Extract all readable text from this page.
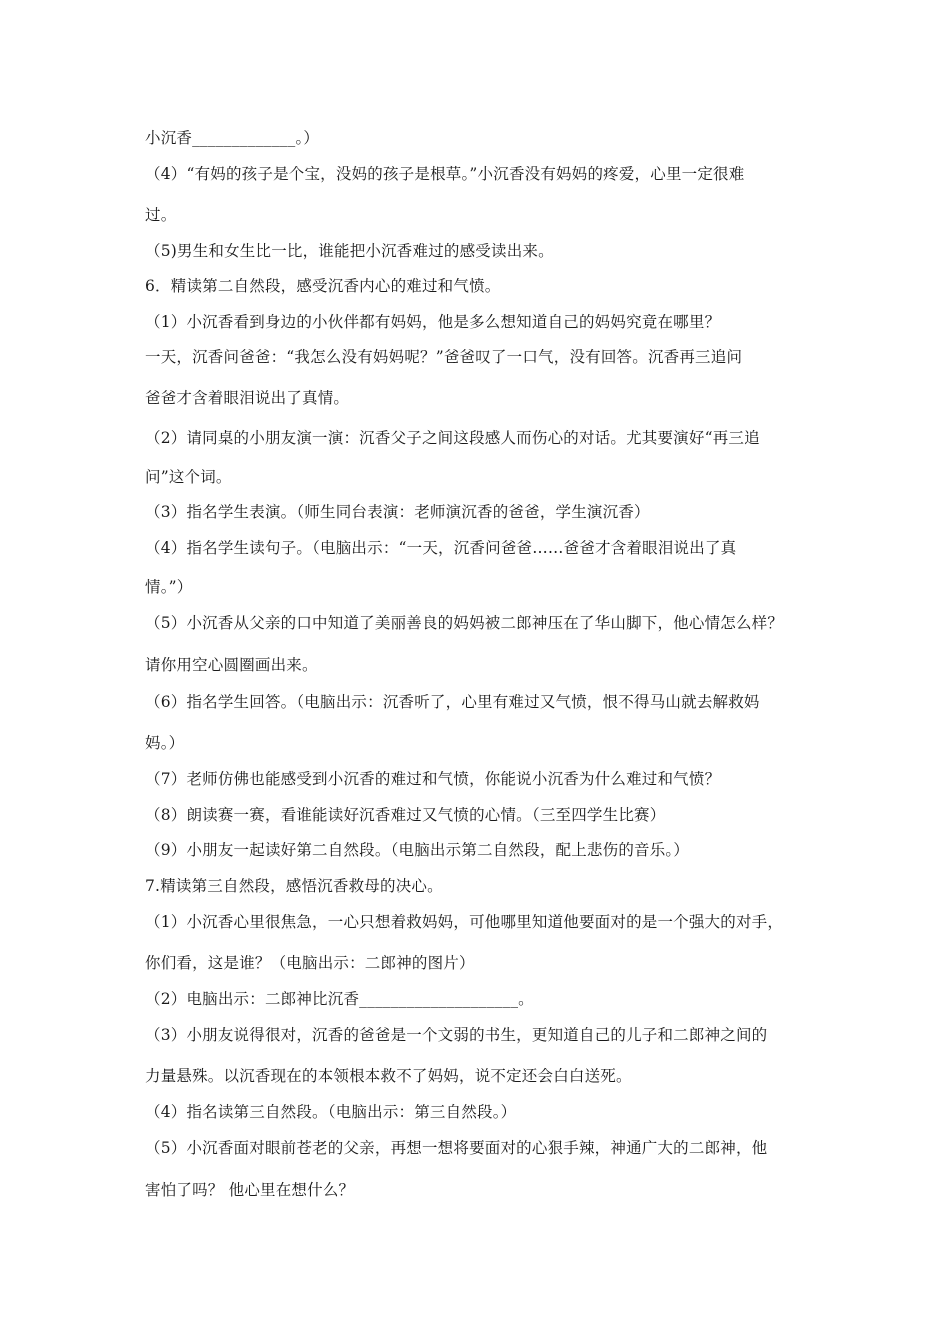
小沉香_____________。）
（4）“有妈的孩子是个宝，没妈的孩子是根草。”小沉香没有妈妈的疼爱，心里一定很难
过。
（5)男生和女生比一比，谁能把小沉香难过的感受读出来。
6．精读第二自然段，感受沉香内心的难过和气愤。
（1）小沉香看到身边的小伙伴都有妈妈，他是多么想知道自己的妈妈究竟在哪里？
一天，沉香问爸爸：“我怎么没有妈妈呢？”爸爸叹了一口气，没有回答。沉香再三追问
爸爸才含着眼泪说出了真情。
（2）请同桌的小朋友演一演：沉香父子之间这段感人而伤心的对话。尤其要演好“再三追
问”这个词。
（3）指名学生表演。（师生同台表演：老师演沉香的爸爸，学生演沉香）
（4）指名学生读句子。（电脑出示：“一天，沉香问爸爸……爸爸才含着眼泪说出了真
情。”）
（5）小沉香从父亲的口中知道了美丽善良的妈妈被二郎神压在了华山脚下，他心情怎么样？
请你用空心圆圈画出来。
（6）指名学生回答。（电脑出示：沉香听了，心里有难过又气愤，恨不得马山就去解救妈
妈。）
（7）老师仿佛也能感受到小沉香的难过和气愤，你能说小沉香为什么难过和气愤？
（8）朗读赛一赛，看谁能读好沉香难过又气愤的心情。（三至四学生比赛）
（9）小朋友一起读好第二自然段。（电脑出示第二自然段，配上悲伤的音乐。）
7.精读第三自然段，感悟沉香救母的决心。
（1）小沉香心里很焦急，一心只想着救妈妈，可他哪里知道他要面对的是一个强大的对手，
你们看，这是谁？（电脑出示：二郎神的图片）
（2）电脑出示：二郎神比沉香____________________。
（3）小朋友说得很对，沉香的爸爸是一个文弱的书生，更知道自己的儿子和二郎神之间的
力量悬殊。以沉香现在的本领根本救不了妈妈，说不定还会白白送死。
（4）指名读第三自然段。（电脑出示：第三自然段。）
（5）小沉香面对眼前苍老的父亲，再想一想将要面对的心狠手辣，神通广大的二郎神，他
害怕了吗？ 他心里在想什么？
